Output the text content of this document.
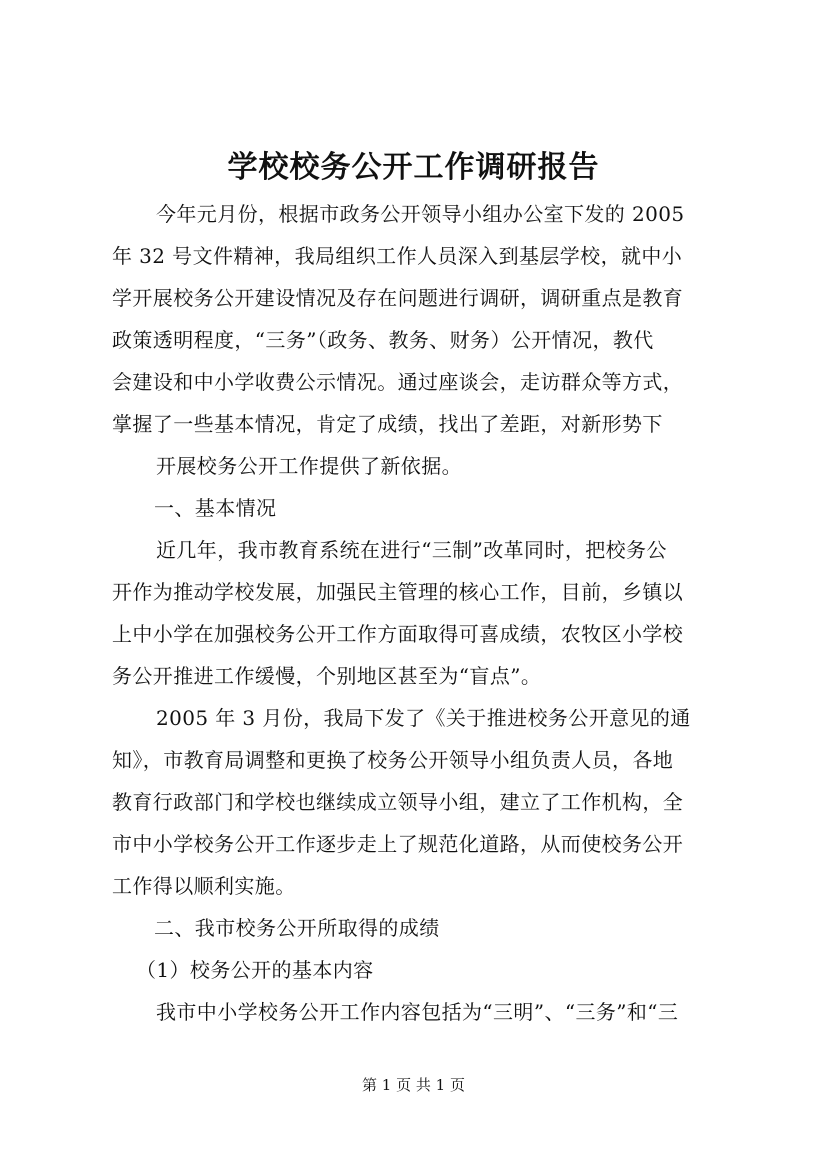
学校校务公开工作调研报告
今年元月份，根据市政务公开领导小组办公室下发的 2005
年 32 号文件精神，我局组织工作人员深入到基层学校，就中小
学开展校务公开建设情况及存在问题进行调研，调研重点是教育
政策透明程度，“三务”（政务、教务、财务）公开情况，教代
会建设和中小学收费公示情况。通过座谈会，走访群众等方式，
掌握了一些基本情况，肯定了成绩，找出了差距，对新形势下
开展校务公开工作提供了新依据。
一、基本情况
近几年，我市教育系统在进行“三制”改革同时，把校务公
开作为推动学校发展，加强民主管理的核心工作，目前，乡镇以
上中小学在加强校务公开工作方面取得可喜成绩，农牧区小学校
务公开推进工作缓慢，个别地区甚至为“盲点”。
2005 年 3 月份，我局下发了《关于推进校务公开意见的通
知》，市教育局调整和更换了校务公开领导小组负责人员，各地
教育行政部门和学校也继续成立领导小组，建立了工作机构，全
市中小学校务公开工作逐步走上了规范化道路，从而使校务公开
工作得以顺利实施。
二、我市校务公开所取得的成绩
（1）校务公开的基本内容
我市中小学校务公开工作内容包括为“三明”、“三务”和“三
第 1 页 共 1 页
